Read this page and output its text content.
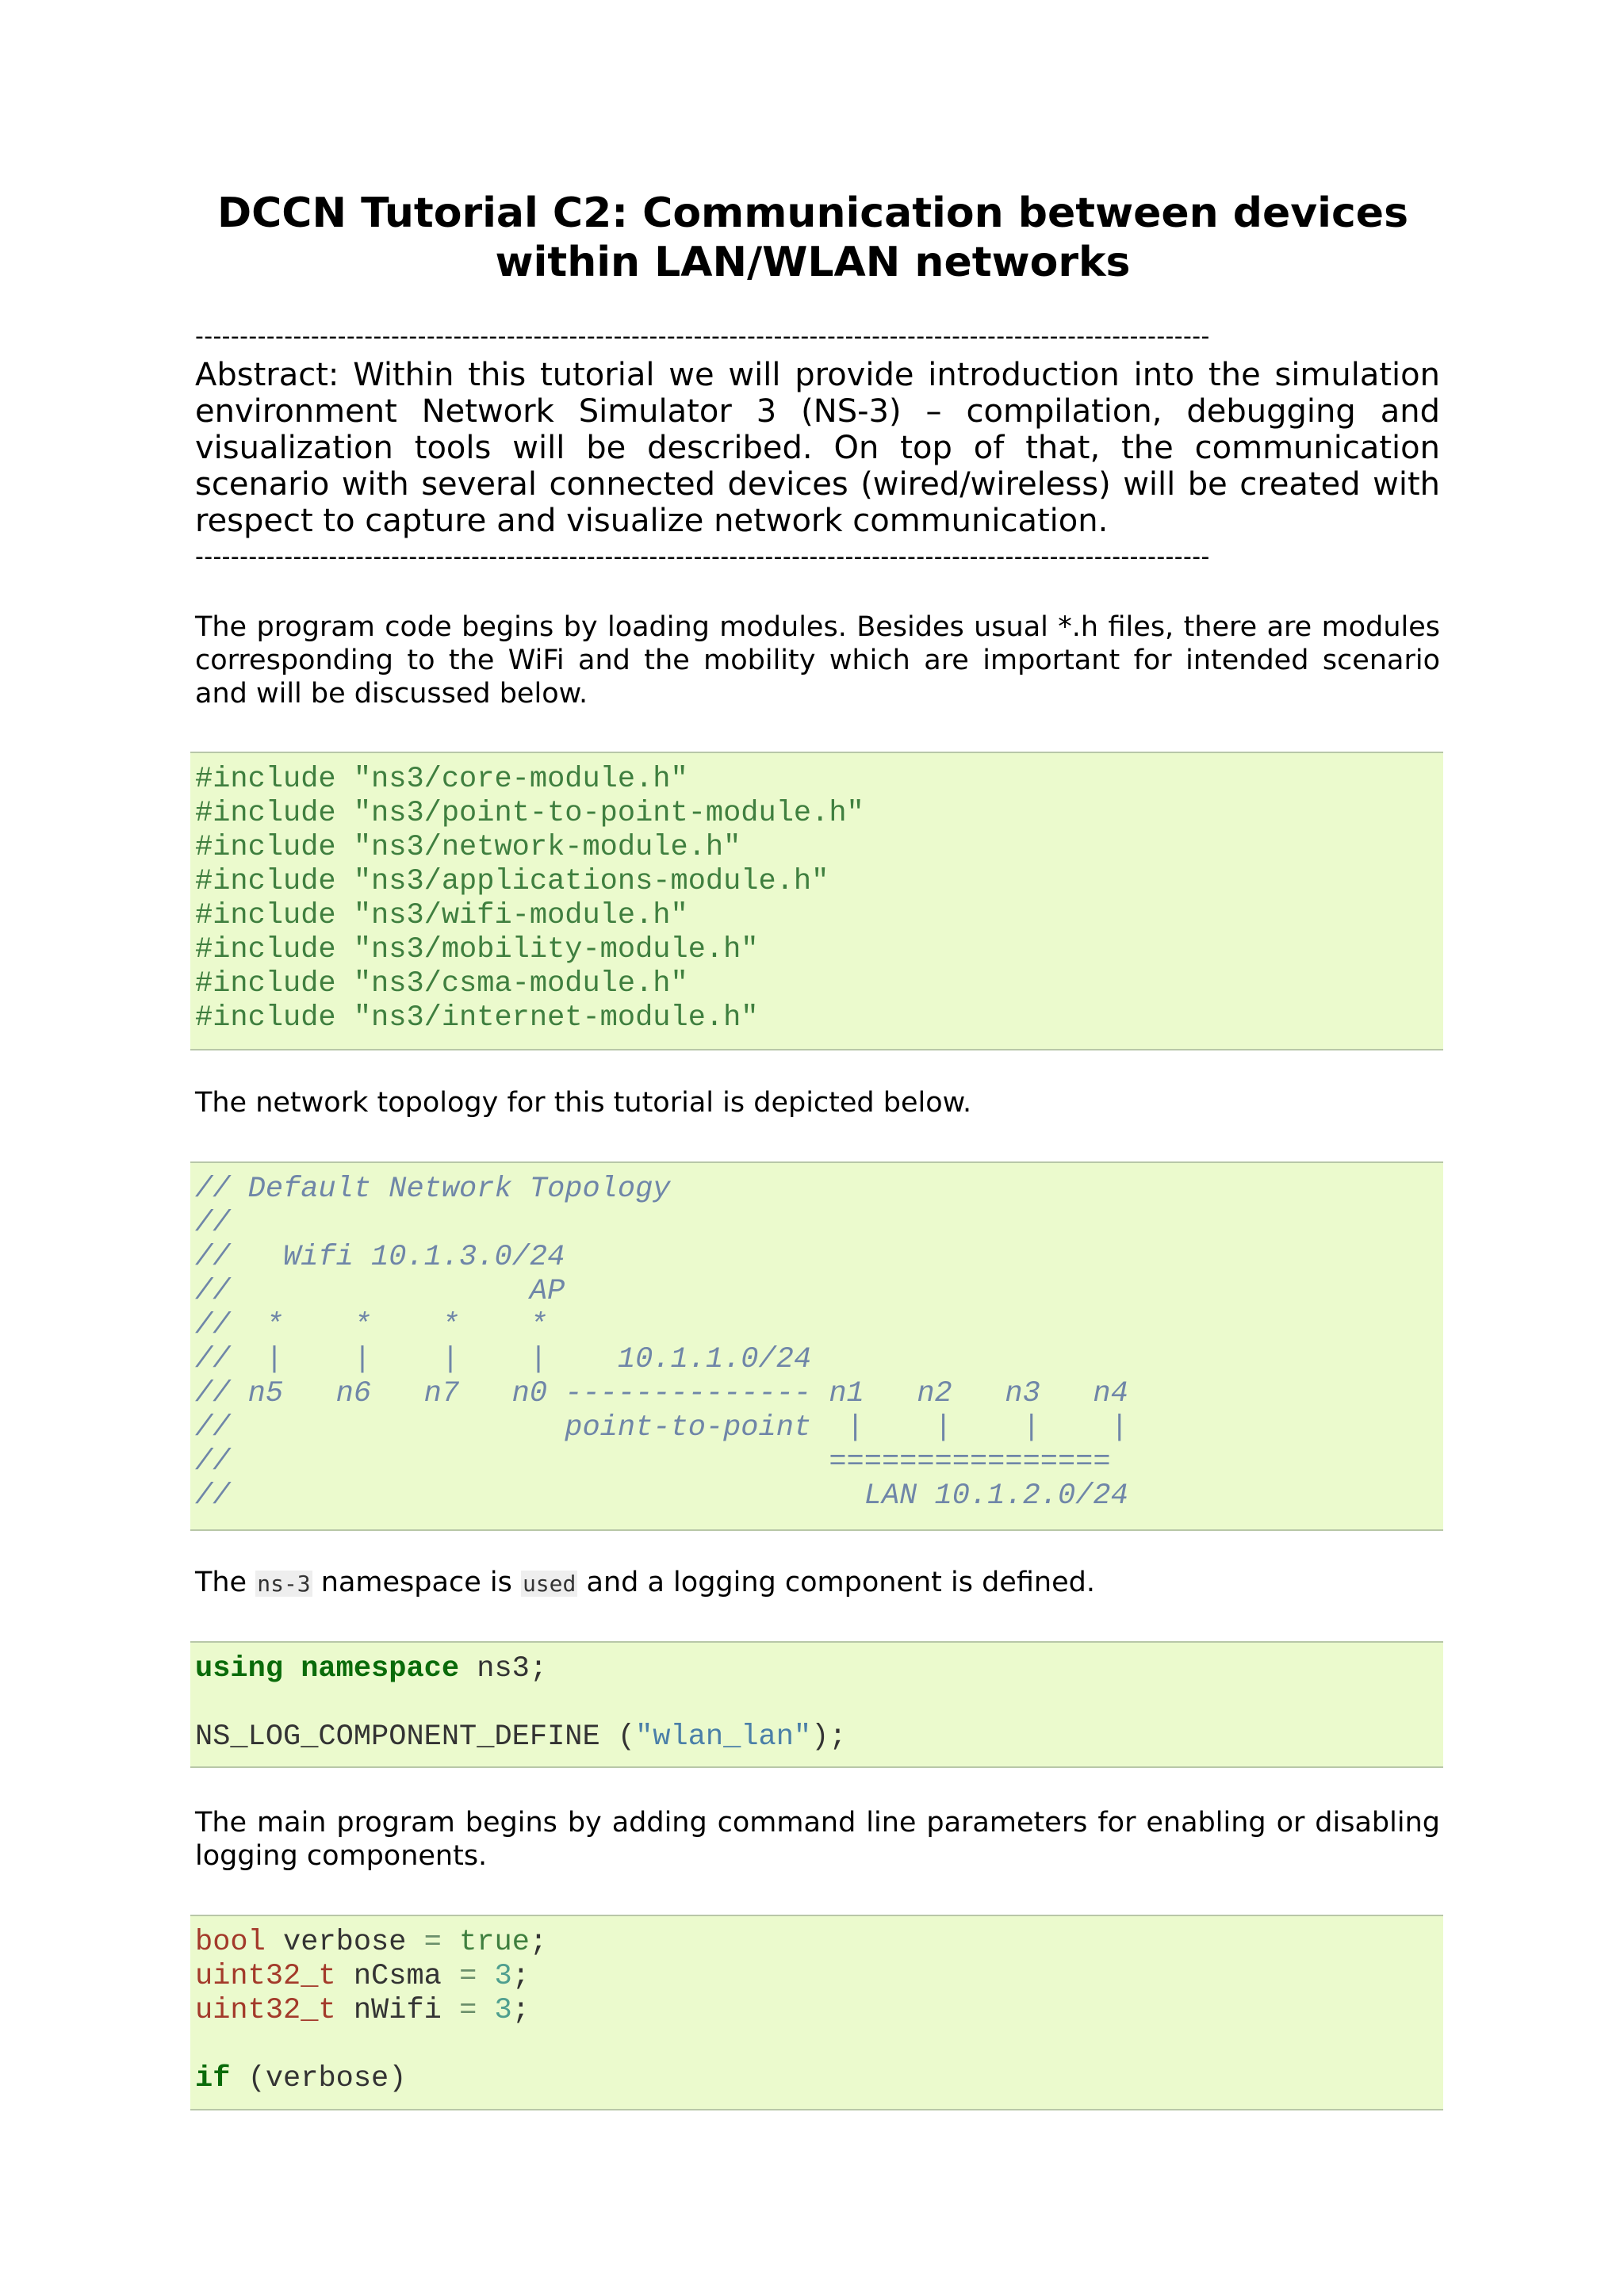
DCCN Tutorial C2: Communication between devices
within LAN/WLAN networks
------------------------------------------------------------------------------------------------------------------
Abstract: Within this tutorial we will provide introduction into the simulation environment Network Simulator 3 (NS-3) – compilation, debugging and visualization tools will be described. On top of that, the communication scenario with several connected devices (wired/wireless) will be created with respect to capture and visualize network communication.
------------------------------------------------------------------------------------------------------------------
The program code begins by loading modules. Besides usual *.h files, there are modules corresponding to the WiFi and the mobility which are important for intended scenario and will be discussed below.
#include "ns3/core-module.h"
#include "ns3/point-to-point-module.h"
#include "ns3/network-module.h"
#include "ns3/applications-module.h"
#include "ns3/wifi-module.h"
#include "ns3/mobility-module.h"
#include "ns3/csma-module.h"
#include "ns3/internet-module.h"
The network topology for this tutorial is depicted below.
// Default Network Topology
//
//   Wifi 10.1.3.0/24
//                 AP
//  *    *    *    *
//  |    |    |    |    10.1.1.0/24
// n5   n6   n7   n0 -------------- n1   n2   n3   n4
//                   point-to-point  |    |    |    |
//                                  ================
//                                    LAN 10.1.2.0/24
The ns-3 namespace is used and a logging component is defined.
using namespace ns3;
NS_LOG_COMPONENT_DEFINE ("wlan_lan");
The main program begins by adding command line parameters for enabling or disabling logging components.
bool verbose = true;
uint32_t nCsma = 3;
uint32_t nWifi = 3;
if (verbose)
